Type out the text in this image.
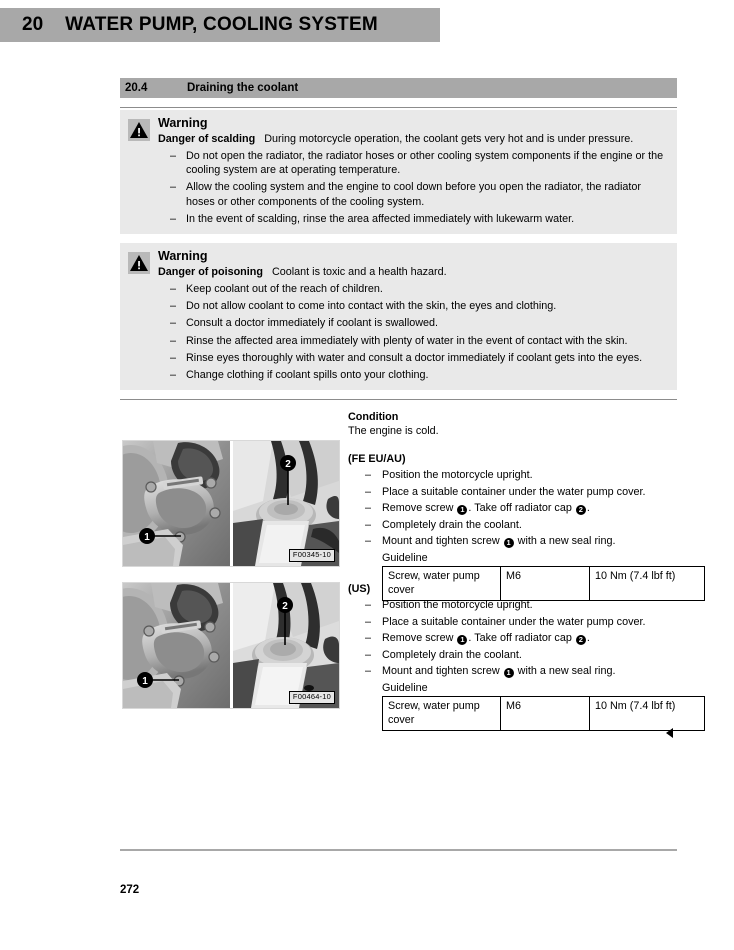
20 WATER PUMP, COOLING SYSTEM
20.4	Draining the coolant
Warning
Danger of scalding During motorcycle operation, the coolant gets very hot and is under pressure.
– Do not open the radiator, the radiator hoses or other cooling system components if the engine or the cooling system are at operating temperature.
– Allow the cooling system and the engine to cool down before you open the radiator, the radiator hoses or other components of the cooling system.
– In the event of scalding, rinse the area affected immediately with lukewarm water.
Warning
Danger of poisoning Coolant is toxic and a health hazard.
– Keep coolant out of the reach of children.
– Do not allow coolant to come into contact with the skin, the eyes and clothing.
– Consult a doctor immediately if coolant is swallowed.
– Rinse the affected area immediately with plenty of water in the event of contact with the skin.
– Rinse eyes thoroughly with water and consult a doctor immediately if coolant gets into the eyes.
– Change clothing if coolant spills onto your clothing.
Condition
The engine is cold.
1
2
F00345-10
(FE EU/AU)
– Position the motorcycle upright.
– Place a suitable container under the water pump cover.
– Remove screw 1 . Take off radiator cap 2 .
– Completely drain the coolant.
– Mount and tighten screw 1 with a new seal ring.
Guideline
Screw, water pump cover	M6	10 Nm (7.4 lbf ft)
1
2
F00464-10
(US)
– Position the motorcycle upright.
– Place a suitable container under the water pump cover.
– Remove screw 1 . Take off radiator cap 2 .
– Completely drain the coolant.
– Mount and tighten screw 1 with a new seal ring.
Guideline
Screw, water pump cover	M6	10 Nm (7.4 lbf ft)
272
